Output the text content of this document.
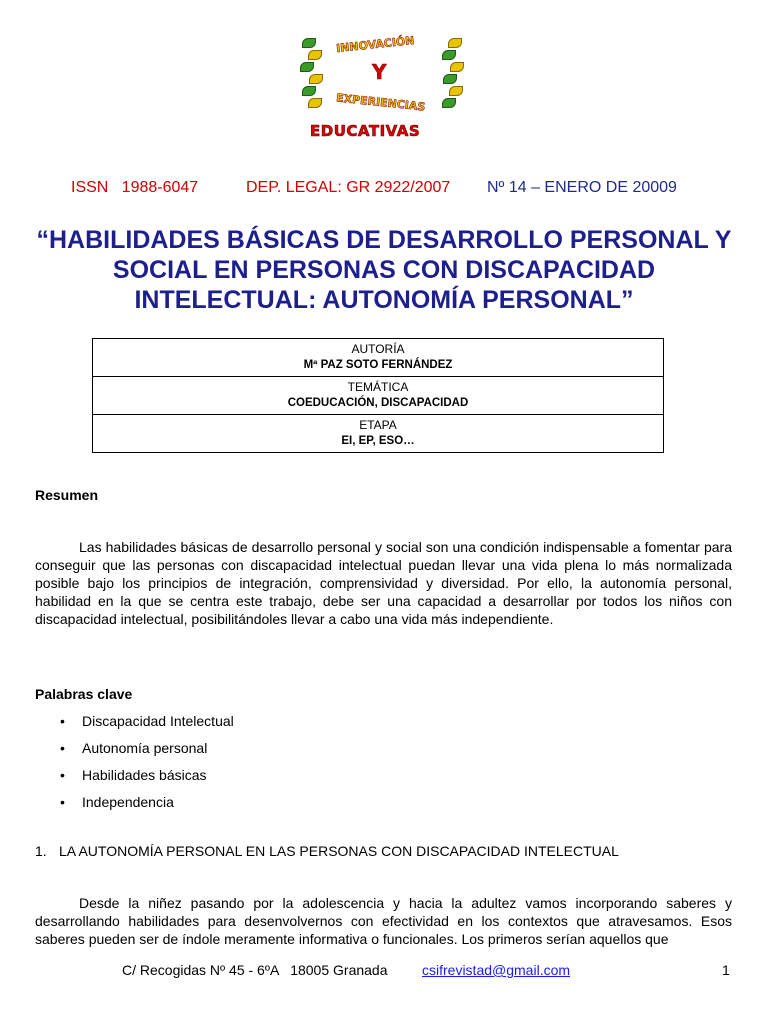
INNOVACIÓN
Y
EXPERIENCIAS
EDUCATIVAS
ISSN   1988-6047	DEP. LEGAL: GR 2922/2007 Nº 14 – ENERO DE 20009
“HABILIDADES BÁSICAS DE DESARROLLO PERSONAL Y SOCIAL EN PERSONAS CON DISCAPACIDAD INTELECTUAL: AUTONOMÍA PERSONAL”
AUTORÍA
Mª PAZ SOTO FERNÁNDEZ

TEMÁTICA
COEDUCACIÓN, DISCAPACIDAD

ETAPA
EI, EP, ESO…
Resumen
Las habilidades básicas de desarrollo personal y social son una condición indispensable a fomentar para conseguir que las personas con discapacidad intelectual puedan llevar una vida plena lo más normalizada posible bajo los principios de integración, comprensividad y diversidad. Por ello, la autonomía personal, habilidad en la que se centra este trabajo, debe ser una capacidad a desarrollar por todos los niños con discapacidad intelectual, posibilitándoles llevar a cabo una vida más independiente.
Palabras clave
• Discapacidad Intelectual
• Autonomía personal
• Habilidades básicas
• Independencia
1. LA AUTONOMÍA PERSONAL EN LAS PERSONAS CON DISCAPACIDAD INTELECTUAL
Desde la niñez pasando por la adolescencia y hacia la adultez vamos incorporando saberes y desarrollando habilidades para desenvolvernos con efectividad en los contextos que atravesamos. Esos saberes pueden ser de índole meramente informativa o funcionales. Los primeros serían aquellos que
C/ Recogidas Nº 45 - 6ºA   18005 Granada csifrevistad@gmail.com	1
